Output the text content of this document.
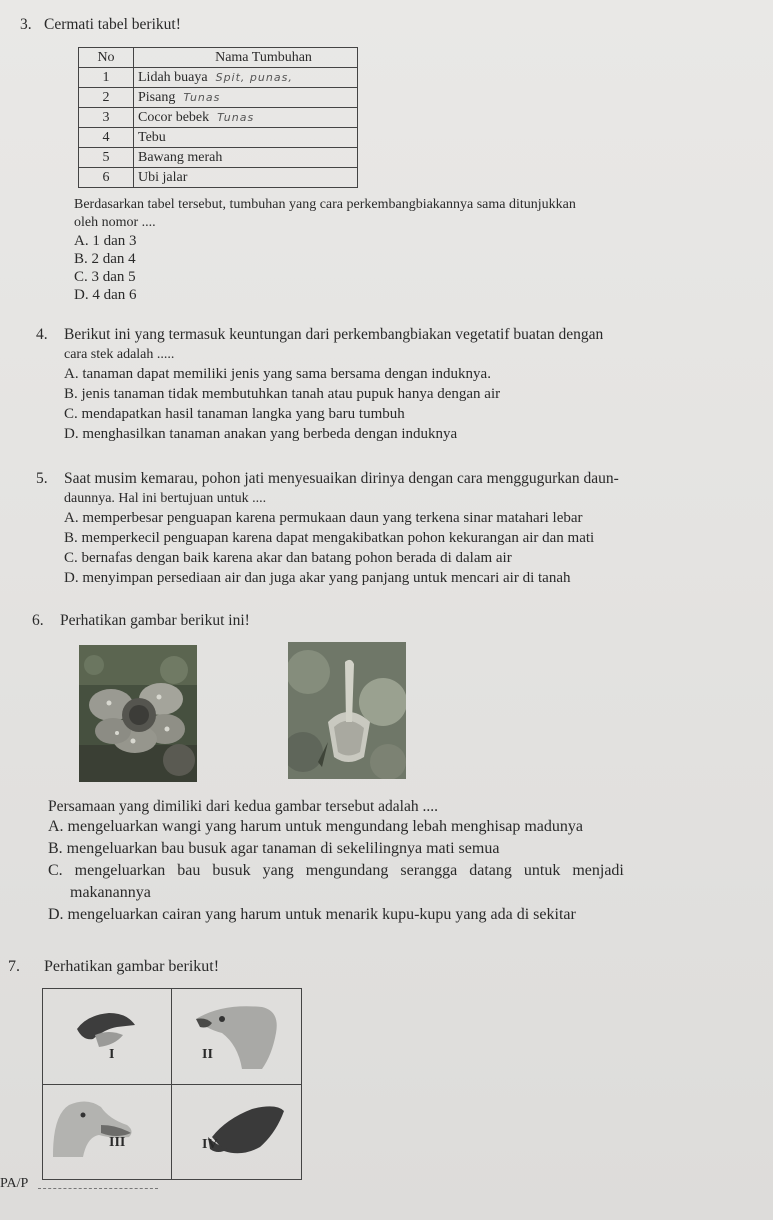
3. Cermati tabel berikut!
No	Nama Tumbuhan
1	Lidah buaya Spit, punas,
2	Pisang Tunas
3	Cocor bebek Tunas
4	Tebu
5	Bawang merah
6	Ubi jalar
Berdasarkan tabel tersebut, tumbuhan yang cara perkembangbiakannya sama ditunjukkan
oleh nomor ....
A. 1 dan 3
B. 2 dan 4
C. 3 dan 5
D. 4 dan 6
4. Berikut ini yang termasuk keuntungan dari perkembangbiakan vegetatif buatan dengan
cara stek adalah .....
A. tanaman dapat memiliki jenis yang sama bersama dengan induknya.
B. jenis tanaman tidak membutuhkan tanah atau pupuk hanya dengan air
C. mendapatkan hasil tanaman langka yang baru tumbuh
D. menghasilkan tanaman anakan yang berbeda dengan induknya
5. Saat musim kemarau, pohon jati menyesuaikan dirinya dengan cara menggugurkan daun-
daunnya. Hal ini bertujuan untuk ....
A. memperbesar penguapan karena permukaan daun yang terkena sinar matahari lebar
B. memperkecil penguapan karena dapat mengakibatkan pohon kekurangan air dan mati
C. bernafas dengan baik karena akar dan batang pohon berada di dalam air
D. menyimpan persediaan air dan juga akar yang panjang untuk mencari air di tanah
6. Perhatikan gambar berikut ini!
Persamaan yang dimiliki dari kedua gambar tersebut adalah ....
A. mengeluarkan wangi yang harum untuk mengundang lebah menghisap madunya
B. mengeluarkan bau busuk agar tanaman di sekelilingnya mati semua
C. mengeluarkan bau busuk yang mengundang serangga datang untuk menjadi
makanannya
D. mengeluarkan cairan yang harum untuk menarik kupu-kupu yang ada di sekitar
7. Perhatikan gambar berikut!
I	II
III	IV
PA/P
